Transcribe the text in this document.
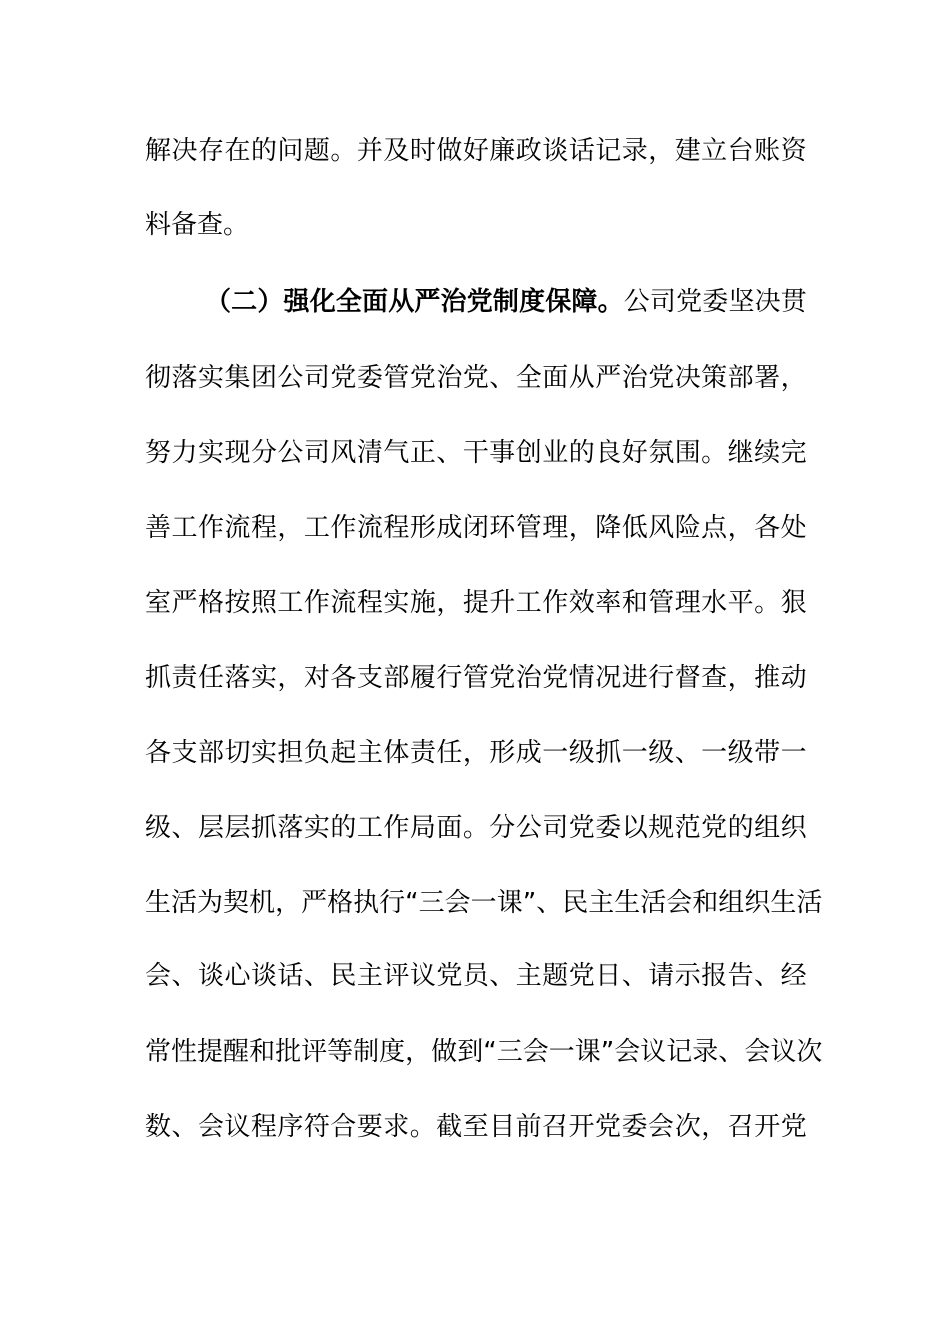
解 决 存 在 的 问 题 。 并 及 时 做 好 廉 政 谈 话 记 录 ， 建 立 台 账 资
料备查。
（ 二 ） 强 化 全 面 从 严 治 党 制 度 保 障 。 公 司 党 委 坚 决 贯
彻 落 实 集 团 公 司 党 委 管 党 治 党 、 全 面 从 严 治 党 决 策 部 署 ，
努 力 实 现 分 公 司 风 清 气 正 、 干 事 创 业 的 良 好 氛 围 。 继 续 完
善 工 作 流 程 ， 工 作 流 程 形 成 闭 环 管 理 ， 降 低 风 险 点 ， 各 处
室 严 格 按 照 工 作 流 程 实 施 ， 提 升 工 作 效 率 和 管 理 水 平 。 狠
抓 责 任 落 实 ， 对 各 支 部 履 行 管 党 治 党 情 况 进 行 督 查 ， 推 动
各 支 部 切 实 担 负 起 主 体 责 任 ， 形 成 一 级 抓 一 级 、 一 级 带 一
级 、 层 层 抓 落 实 的 工 作 局 面 。 分 公 司 党 委 以 规 范 党 的 组 织
生 活 为 契 机 ， 严 格 执 行 “ 三 会 一 课 ” 、 民 主 生 活 会 和 组 织 生 活
会 、 谈 心 谈 话 、 民 主 评 议 党 员 、 主 题 党 日 、 请 示 报 告 、 经
常 性 提 醒 和 批 评 等 制 度 ， 做 到 “ 三 会 一 课 ” 会 议 记 录 、 会 议 次
数 、 会 议 程 序 符 合 要 求 。 截 至 目 前 召 开 党 委 会 次 ， 召 开 党
